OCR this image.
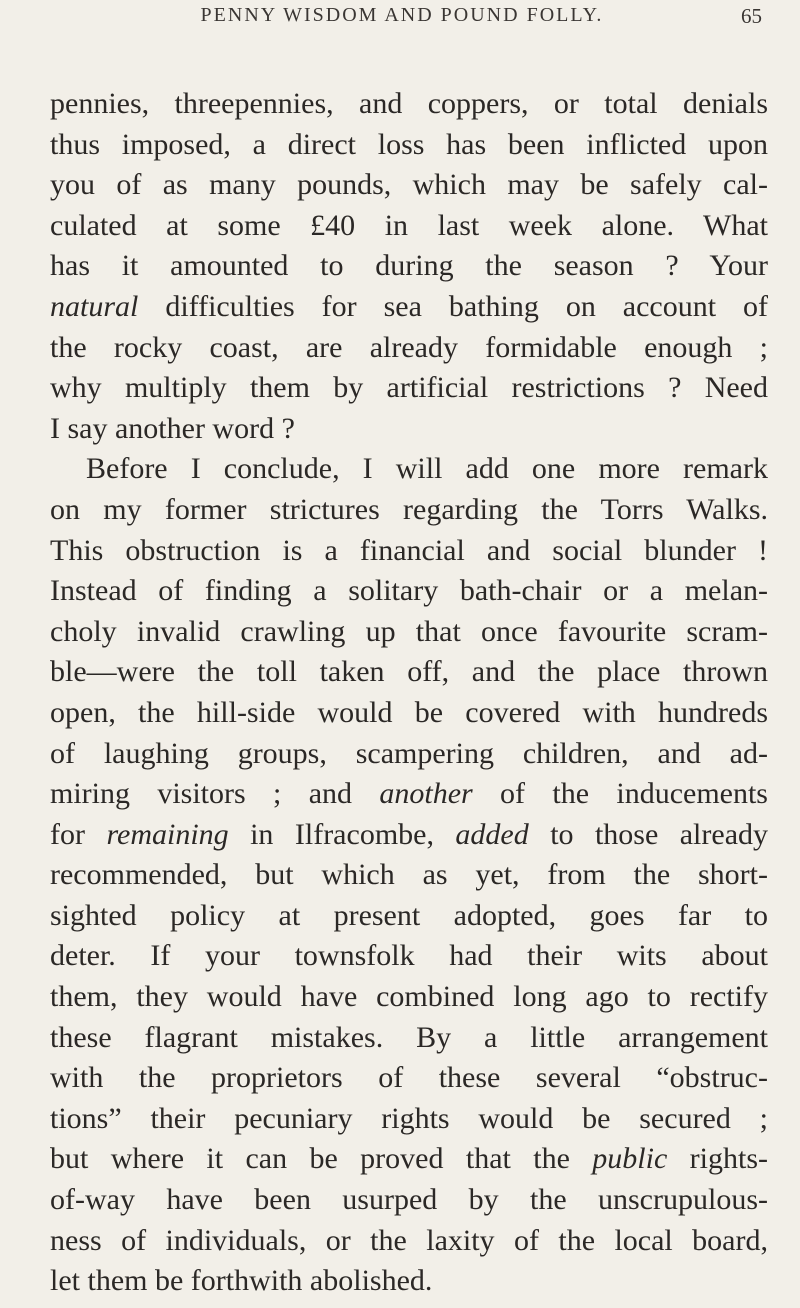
PENNY WISDOM AND POUND FOLLY.	65
pennies, threepennies, and coppers, or total denials
thus imposed, a direct loss has been inflicted upon
you of as many pounds, which may be safely cal-
culated at some £40 in last week alone. What
has it amounted to during the season ? Your
natural difficulties for sea bathing on account of
the rocky coast, are already formidable enough ;
why multiply them by artificial restrictions ? Need
I say another word ?
Before I conclude, I will add one more remark
on my former strictures regarding the Torrs Walks.
This obstruction is a financial and social blunder !
Instead of finding a solitary bath-chair or a melan-
choly invalid crawling up that once favourite scram-
ble—were the toll taken off, and the place thrown
open, the hill-side would be covered with hundreds
of laughing groups, scampering children, and ad-
miring visitors ; and another of the inducements
for remaining in Ilfracombe, added to those already
recommended, but which as yet, from the short-
sighted policy at present adopted, goes far to
deter. If your townsfolk had their wits about
them, they would have combined long ago to rectify
these flagrant mistakes. By a little arrangement
with the proprietors of these several “obstruc-
tions” their pecuniary rights would be secured ;
but where it can be proved that the public rights-
of-way have been usurped by the unscrupulous-
ness of individuals, or the laxity of the local board,
let them be forthwith abolished.
